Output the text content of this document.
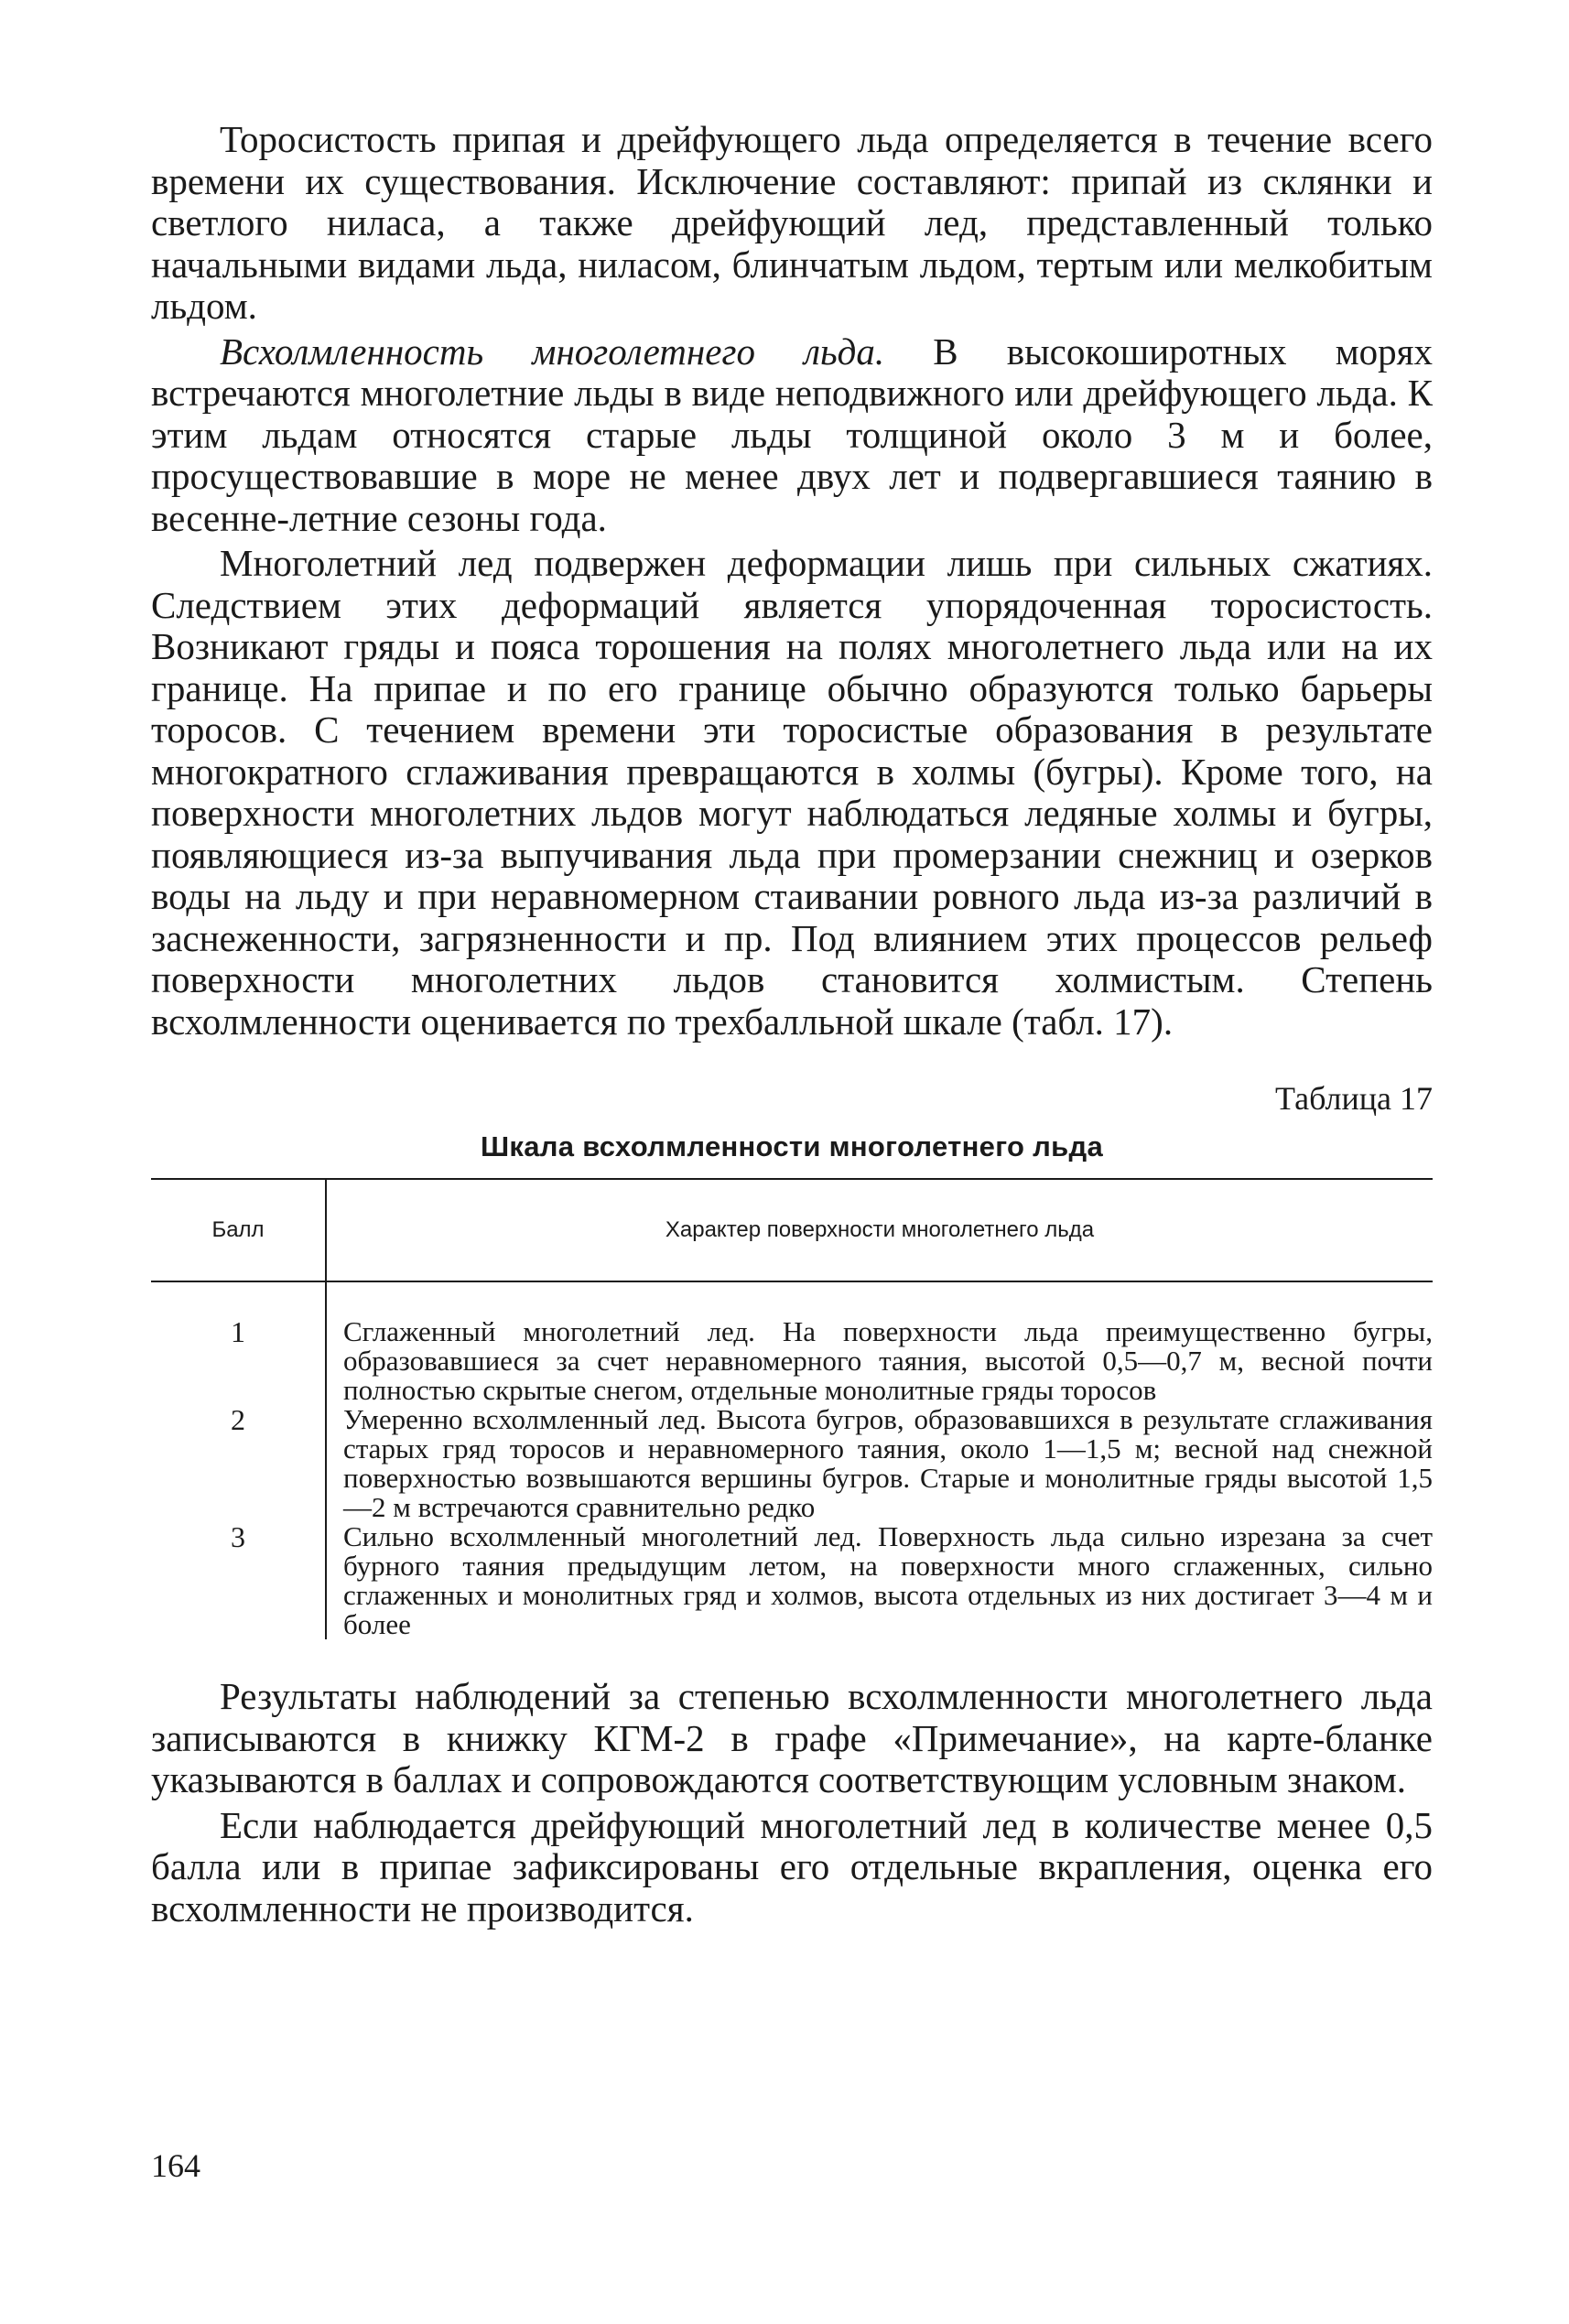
Торосистость припая и дрейфующего льда определяется в течение всего времени их существования. Исключение составляют: припай из склянки и светлого ниласа, а также дрейфующий лед, представленный только начальными видами льда, ниласом, блинчатым льдом, тертым или мелкобитым льдом.

Всхолмленность многолетнего льда. В высокоширотных морях встречаются многолетние льды в виде неподвижного или дрейфующего льда. К этим льдам относятся старые льды толщиной около 3 м и более, просуществовавшие в море не менее двух лет и подвергавшиеся таянию в весенне-летние сезоны года.

Многолетний лед подвержен деформации лишь при сильных сжатиях. Следствием этих деформаций является упорядоченная торосистость. Возникают гряды и пояса торошения на полях многолетнего льда или на их границе. На припае и по его границе обычно образуются только барьеры торосов. С течением времени эти торосистые образования в результате многократного сглаживания превращаются в холмы (бугры). Кроме того, на поверхности многолетних льдов могут наблюдаться ледяные холмы и бугры, появляющиеся из-за выпучивания льда при промерзании снежниц и озерков воды на льду и при неравномерном стаивании ровного льда из-за различий в заснеженности, загрязненности и пр. Под влиянием этих процессов рельеф поверхности многолетних льдов становится холмистым. Степень всхолмленности оценивается по трехбалльной шкале (табл. 17).

Таблица 17
Шкала всхолмленности многолетнего льда
Балл	Характер поверхности многолетнего льда
1	Сглаженный многолетний лед. На поверхности льда преимущественно бугры, образовавшиеся за счет неравномерного таяния, высотой 0,5—0,7 м, весной почти полностью скрытые снегом, отдельные монолитные гряды торосов
2	Умеренно всхолмленный лед. Высота бугров, образовавшихся в результате сглаживания старых гряд торосов и неравномерного таяния, около 1—1,5 м; весной над снежной поверхностью возвышаются вершины бугров. Старые и монолитные гряды высотой 1,5—2 м встречаются сравнительно редко
3	Сильно всхолмленный многолетний лед. Поверхность льда сильно изрезана за счет бурного таяния предыдущим летом, на поверхности много сглаженных, сильно сглаженных и монолитных гряд и холмов, высота отдельных из них достигает 3—4 м и более

Результаты наблюдений за степенью всхолмленности многолетнего льда записываются в книжку КГМ-2 в графе «Примечание», на карте-бланке указываются в баллах и сопровождаются соответствующим условным знаком.

Если наблюдается дрейфующий многолетний лед в количестве менее 0,5 балла или в припае зафиксированы его отдельные вкрапления, оценка его всхолмленности не производится.

164
